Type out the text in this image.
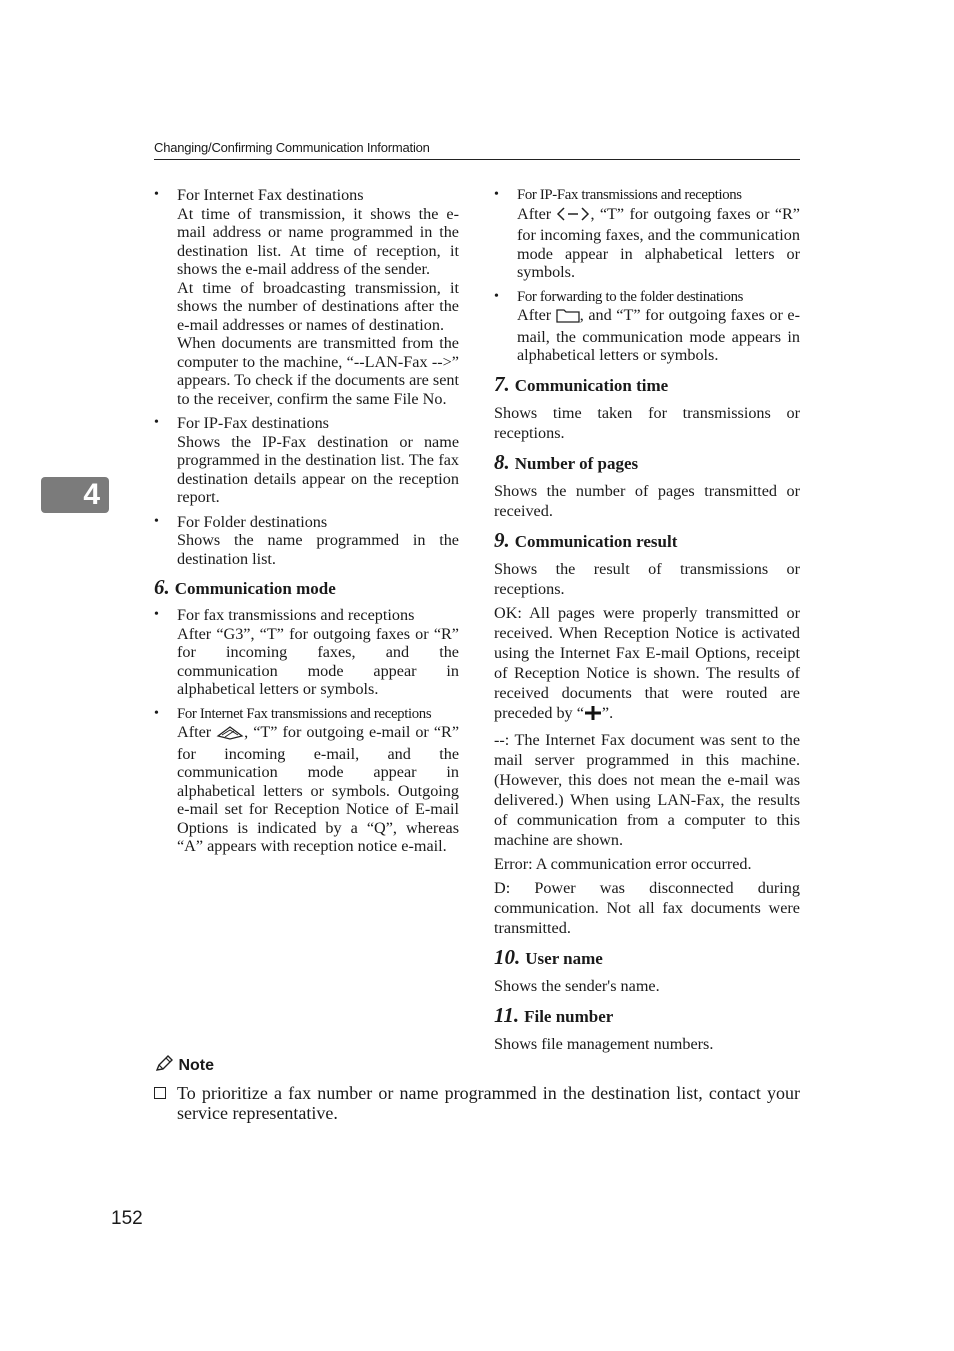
Changing/Confirming Communication Information
4
• For Internet Fax destinations

At time of transmission, it shows the e-mail address or name programmed in the destination list. At time of reception, it shows the e-mail address of the sender.

At time of broadcasting transmission, it shows the number of destinations after the e-mail addresses or names of destination.

When documents are transmitted from the computer to the machine, “--LAN-Fax -->” appears. To check if the documents are sent to the receiver, confirm the same File No.

• For IP-Fax destinations

Shows the IP-Fax destination or name programmed in the destination list. The fax destination details appear on the reception report.

• For Folder destinations

Shows the name programmed in the destination list.

6. Communication mode
• For fax transmissions and receptions

After “G3”, “T” for outgoing faxes or “R” for incoming faxes, and the communication mode appear in alphabetical letters or symbols.

• For Internet Fax transmissions and receptions

After , “T” for outgoing e-mail or “R” for incoming e-mail, and the communication mode appear in alphabetical letters or symbols. Outgoing e-mail set for Reception Notice of E-mail Options is indicated by a “Q”, whereas “A” appears with reception notice e-mail.

• For IP-Fax transmissions and receptions

After , “T” for outgoing faxes or “R” for incoming faxes, and the communication mode appear in alphabetical letters or symbols.

• For forwarding to the folder destinations

After , and “T” for outgoing faxes or e-mail, the communication mode appears in alphabetical letters or symbols.

7. Communication time

Shows time taken for transmissions or receptions.

8. Number of pages

Shows the number of pages transmitted or received.

9. Communication result

Shows the result of transmissions or receptions.

OK: All pages were properly transmitted or received. When Reception Notice is activated using the Internet Fax E-mail Options, receipt of Reception Notice is shown. The results of received documents that were routed are preceded by “ ”.

--: The Internet Fax document was sent to the mail server programmed in this machine. (However, this does not mean the e-mail was delivered.) When using LAN-Fax, the results of communication from a computer to this machine are shown.

Error: A communication error occurred.

D: Power was disconnected during communication. Not all fax documents were transmitted.

10. User name

Shows the sender's name.

11. File number

Shows file management numbers.

Note
To prioritize a fax number or name programmed in the destination list, contact your service representative.
152
